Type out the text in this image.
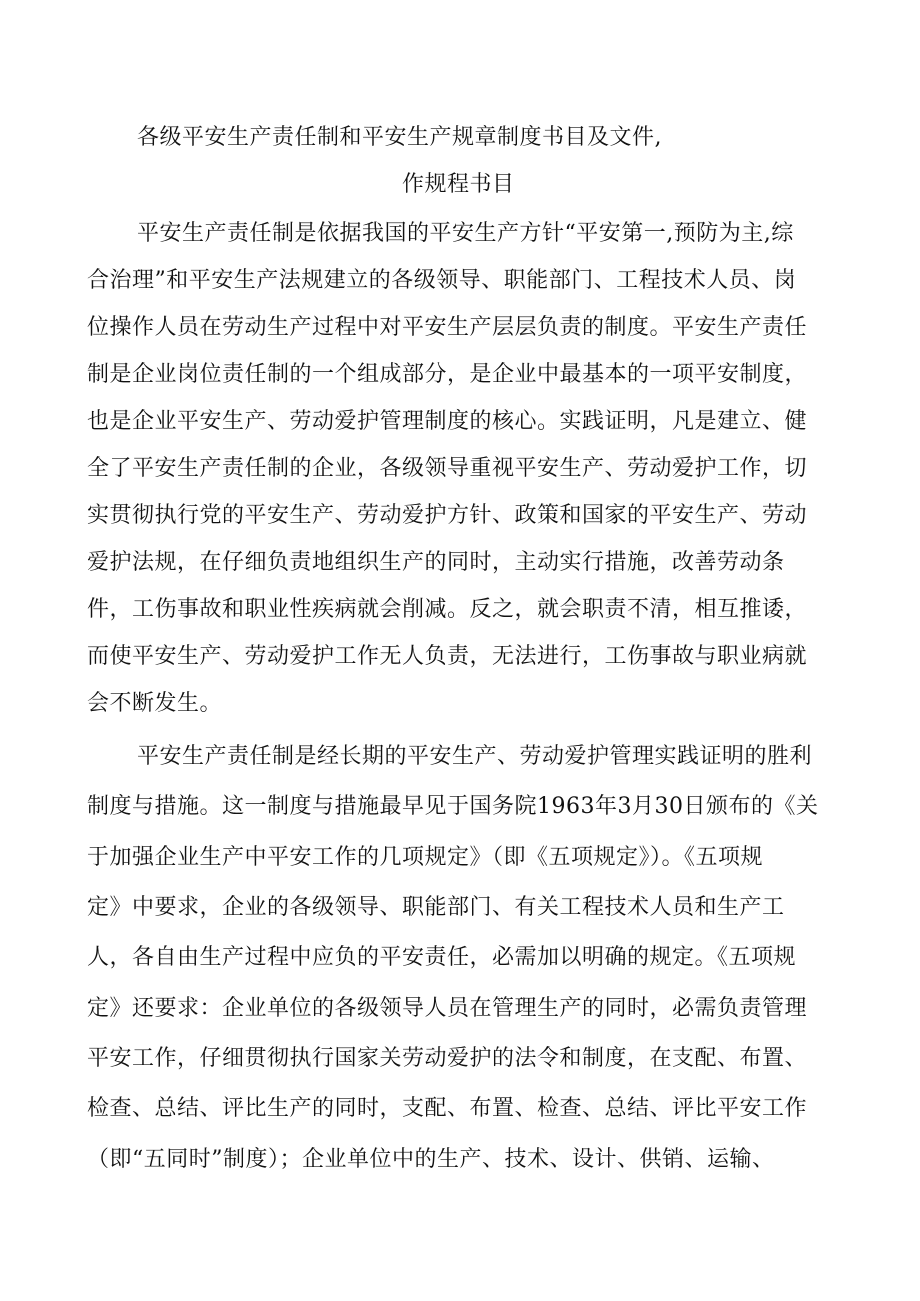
各级平安生产责任制和平安生产规章制度书目及文件,
作规程书目
平安生产责任制是依据我国的平安生产方针“平安第一,预防为主,综
合治理”和平安生产法规建立的各级领导、职能部门、工程技术人员、岗
位操作人员在劳动生产过程中对平安生产层层负责的制度。平安生产责任
制是企业岗位责任制的一个组成部分，是企业中最基本的一项平安制度，
也是企业平安生产、劳动爱护管理制度的核心。实践证明，凡是建立、健
全了平安生产责任制的企业，各级领导重视平安生产、劳动爱护工作，切
实贯彻执行党的平安生产、劳动爱护方针、政策和国家的平安生产、劳动
爱护法规，在仔细负责地组织生产的同时，主动实行措施，改善劳动条
件，工伤事故和职业性疾病就会削减。反之，就会职责不清，相互推诿，
而使平安生产、劳动爱护工作无人负责，无法进行，工伤事故与职业病就
会不断发生。
平安生产责任制是经长期的平安生产、劳动爱护管理实践证明的胜利
制度与措施。这一制度与措施最早见于国务院1963年3月30日颁布的《关
于加强企业生产中平安工作的几项规定》（即《五项规定》）。《五项规
定》中要求，企业的各级领导、职能部门、有关工程技术人员和生产工
人，各自由生产过程中应负的平安责任，必需加以明确的规定。《五项规
定》还要求：企业单位的各级领导人员在管理生产的同时，必需负责管理
平安工作，仔细贯彻执行国家关劳动爱护的法令和制度，在支配、布置、
检查、总结、评比生产的同时，支配、布置、检查、总结、评比平安工作
（即“五同时”制度）；企业单位中的生产、技术、设计、供销、运输、
